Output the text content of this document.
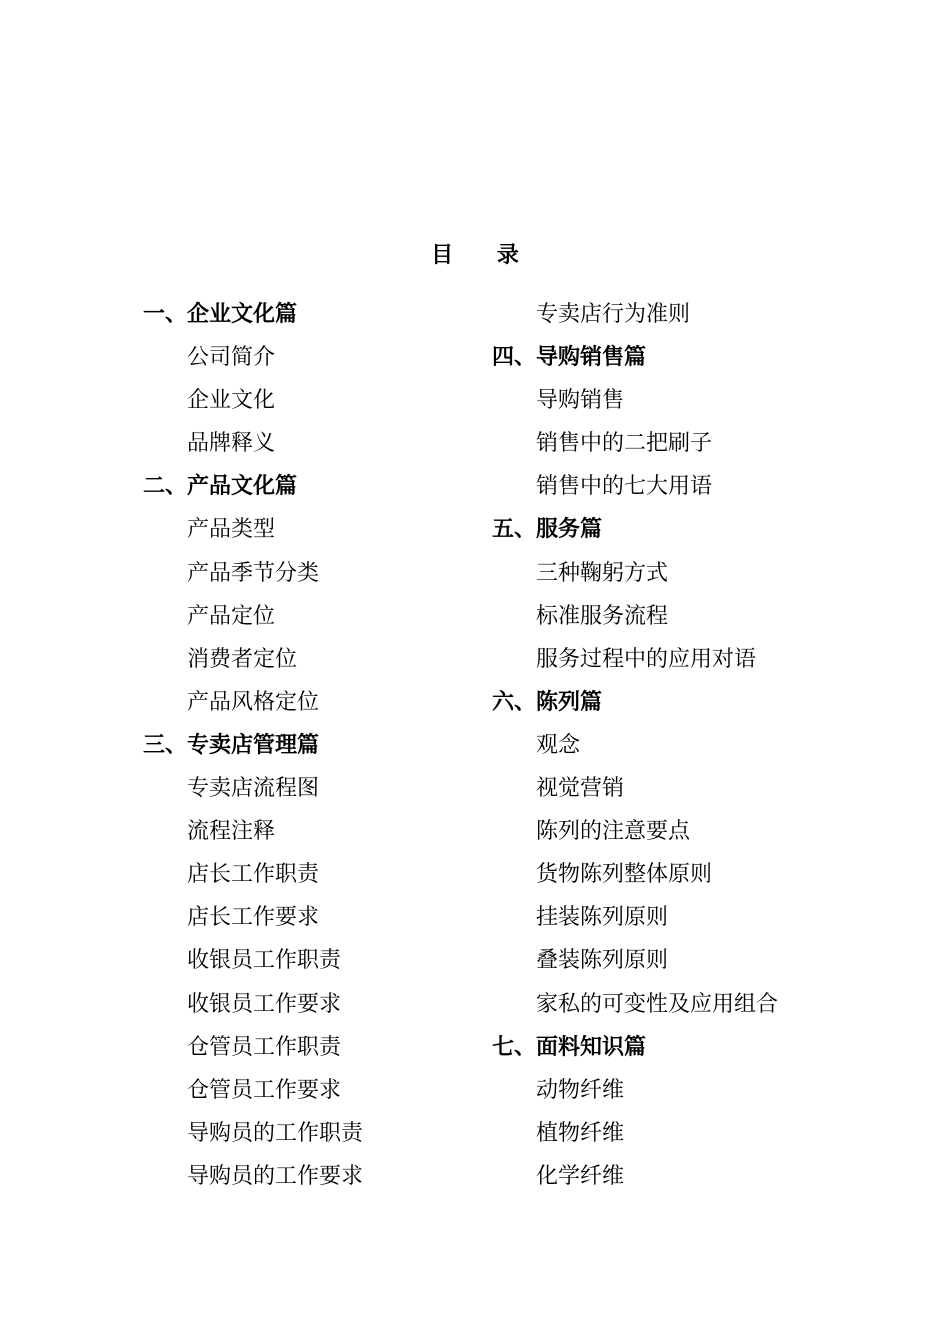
目 录
一、企业文化篇
公司简介
企业文化
品牌释义
二、产品文化篇
产品类型
产品季节分类
产品定位
消费者定位
产品风格定位
三、专卖店管理篇
专卖店流程图
流程注释
店长工作职责
店长工作要求
收银员工作职责
收银员工作要求
仓管员工作职责
仓管员工作要求
导购员的工作职责
导购员的工作要求
专卖店行为准则
四、导购销售篇
导购销售
销售中的二把刷子
销售中的七大用语
五、服务篇
三种鞠躬方式
标准服务流程
服务过程中的应用对语
六、陈列篇
观念
视觉营销
陈列的注意要点
货物陈列整体原则
挂装陈列原则
叠装陈列原则
家私的可变性及应用组合
七、面料知识篇
动物纤维
植物纤维
化学纤维
